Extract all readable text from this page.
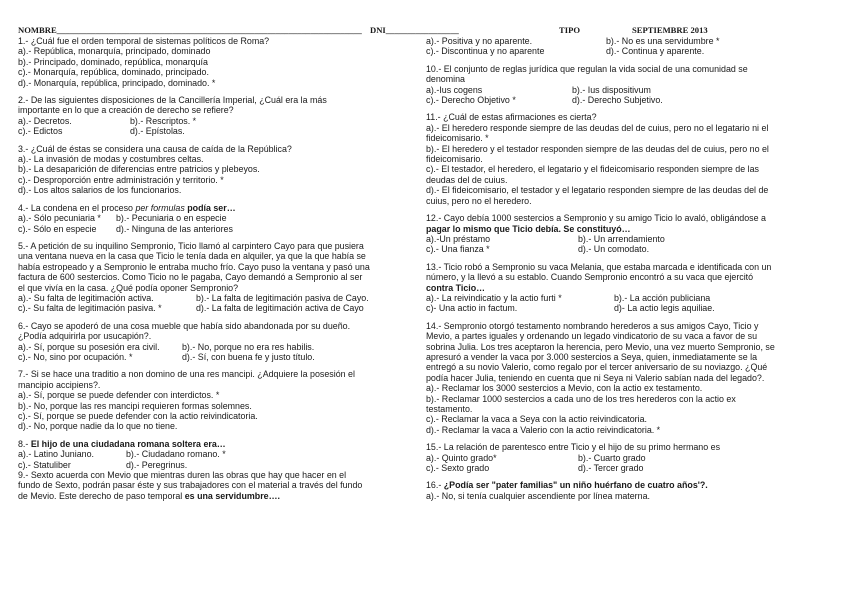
NOMBRE_______________________________________________________________________ DNI_________________	TIPO	SEPTIEMBRE 2013

1.- ¿Cuál fue el orden temporal de sistemas políticos de Roma?

a).- República, monarquía, principado, dominado

b).- Principado, dominado, república, monarquía

c).- Monarquía, república, dominado, principado.

d).- Monarquía, república, principado, dominado. *

2.- De las siguientes disposiciones de la Cancillería Imperial, ¿Cuál era la más

importante en lo que a creación de derecho se refiere?

a).- Decretos.	b).- Rescriptos. *
c).- Edictos	d).- Epístolas.

3.- ¿Cuál de éstas se considera una causa de caída de la República?

a).- La invasión de modas y costumbres celtas.

b).- La desaparición de diferencias entre patricios y plebeyos.

c).- Desproporción entre administración y territorio. *

d).- Los altos salarios de los funcionarios.

4.- La condena en el proceso per formulas podía ser…

a).- Sólo pecuniaria *	b).- Pecuniaria o en especie
c).- Sólo en especie	d).- Ninguna de las anteriores

5.- A petición de su inquilino Sempronio, Ticio llamó al carpintero Cayo para que pusiera

una ventana nueva en la casa que Ticio le tenía dada en alquiler, ya que la que había se

había estropeado y a Sempronio le entraba mucho frío. Cayo puso la ventana y pasó una

factura de 600 sestercios. Como Ticio no le pagaba, Cayo demandó a Sempronio al ser

el que vivía en la casa. ¿Qué podía oponer Sempronio?

a).- Su falta de legitimación activa.	b).- La falta de legitimación pasiva de Cayo.
c).- Su falta de legitimación pasiva. *	d).- La falta de legitimación activa de Cayo

6.- Cayo se apoderó de una cosa mueble que había sido abandonada por su dueño.

¿Podía adquirirla por usucapión?.

a).- Sí, porque su posesión era civil.	b).- No, porque no era res habilis.
c).- No, sino por ocupación. *	d).- Sí, con buena fe y justo título.

7.- Si se hace una traditio a non domino de una res mancipi. ¿Adquiere la posesión el

mancipio accipiens?.

a).- Sí, porque se puede defender con interdictos. *

b).- No, porque las res mancipi requieren formas solemnes.

c).- Sí, porque se puede defender con la actio reivindicatoria.

d).- No, porque nadie da lo que no tiene.

8.- El hijo de una ciudadana romana soltera era…

a).- Latino Juniano.	b).- Ciudadano romano. *
c).- Statuliber	d).- Peregrinus.

9.- Sexto acuerda con Mevio que mientras duren las obras que hay que hacer en el

fundo de Sexto, podrán pasar éste y sus trabajadores con el material a través del fundo

de Mevio. Este derecho de paso temporal es una servidumbre….

a).- Positiva y no aparente.	b).- No es una servidumbre *
c).- Discontinua y no aparente	d).- Continua y aparente.

10.- El conjunto de reglas jurídica que regulan la vida social de una comunidad se

denomina

a).-Ius cogens	b).- Ius dispositivum
c).- Derecho Objetivo *	d).- Derecho Subjetivo.

11.- ¿Cuál de estas afirmaciones es cierta?

a).- El heredero responde siempre de las deudas del de cuius, pero no el legatario ni el

fideicomisario. *

b).- El heredero y el testador responden siempre de las deudas del de cuius, pero no el

fideicomisario.

c).- El testador, el heredero, el legatario y el fideicomisario responden siempre de las

deudas del de cuius.

d).- El fideicomisario, el testador y el legatario responden siempre de las deudas del de

cuius, pero no el heredero.

12.- Cayo debía 1000 sestercios a Sempronio y su amigo Ticio lo avaló, obligándose a

pagar lo mismo que Ticio debía. Se constituyó…

a).-Un préstamo	b).- Un arrendamiento
c).- Una fianza *	d).- Un comodato.

13.- Ticio robó a Sempronio su vaca Melania, que estaba marcada e identificada con un

número, y la llevó a su establo. Cuando Sempronio encontró a su vaca que ejercitó

contra Ticio…

a).- La reivindicatio y la actio furti *	b).- La acción publiciana
c)- Una actio in factum.	d)- La actio legis aquiliae.

14.- Sempronio otorgó testamento nombrando herederos a sus amigos Cayo, Ticio y

Mevio, a partes iguales y ordenando un legado vindicatorio de su vaca a favor de su

sobrina Julia. Los tres aceptaron la herencia, pero Mevio, una vez muerto Sempronio, se

apresuró a vender la vaca por 3.000 sestercios a Seya, quien, inmediatamente se la

entregó a su novio Valerio, como regalo por el tercer aniversario de su noviazgo. ¿Qué

podía hacer Julia, teniendo en cuenta que ni Seya ni Valerio sabían nada del legado?.

a).- Reclamar los 3000 sestercios a Mevio, con la actio ex testamento.

b).- Reclamar 1000 sestercios a cada uno de los tres herederos con la actio ex

testamento.

c).- Reclamar la vaca a Seya con la actio reivindicatoria.

d).- Reclamar la vaca a Valerio con la actio reivindicatoria. *

15.- La relación de parentesco entre Ticio y el hijo de su primo hermano es

a).- Quinto grado*	b).- Cuarto grado
c).- Sexto grado	d).- Tercer grado

16.- ¿Podía ser "pater familias" un niño huérfano de cuatro años'?.

a).- No, si tenía cualquier ascendiente por línea materna.
